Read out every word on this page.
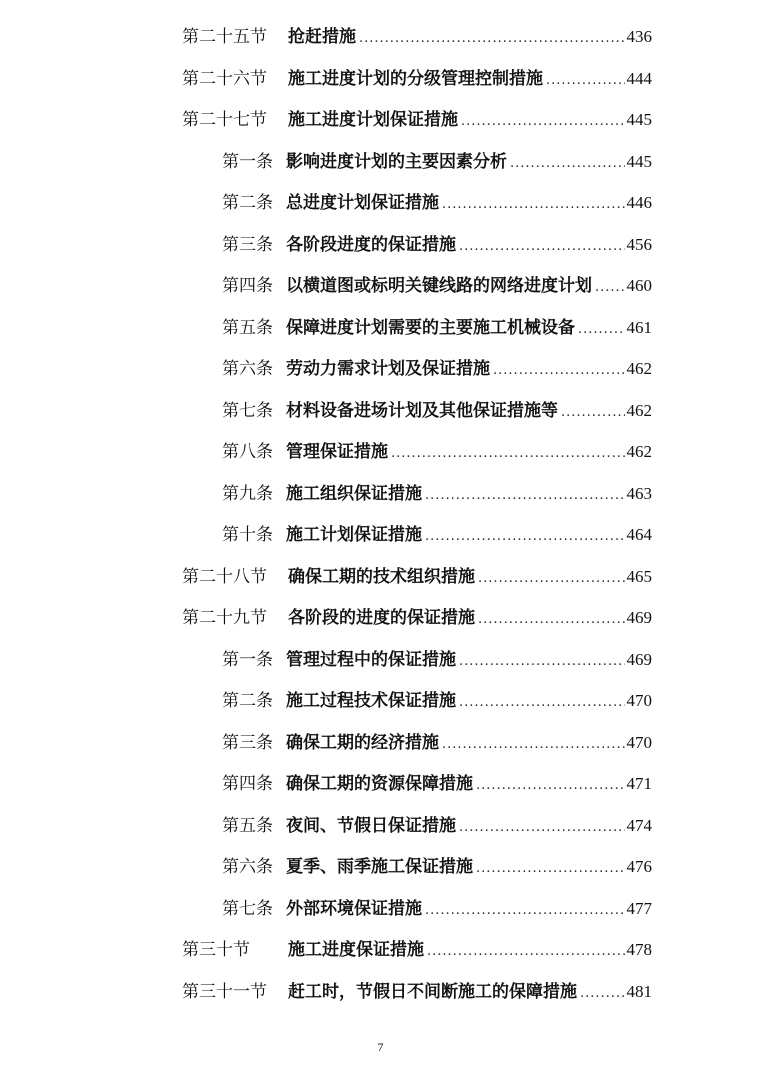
第二十五节	抢赶措施 .....	436
第二十六节	施工进度计划的分级管理控制措施 .....	444
第二十七节	施工进度计划保证措施 .....	445
第一条 影响进度计划的主要因素分析 .....	445
第二条 总进度计划保证措施 .....	446
第三条 各阶段进度的保证措施 .....	456
第四条 以横道图或标明关键线路的网络进度计划 ..... 460
第五条 保障进度计划需要的主要施工机械设备 .....	461
第六条 劳动力需求计划及保证措施 .....	462
第七条 材料设备进场计划及其他保证措施等 .....	462
第八条 管理保证措施 .....	462
第九条 施工组织保证措施 .....	463
第十条 施工计划保证措施 .....	464
第二十八节	确保工期的技术组织措施 .....	465
第二十九节	各阶段的进度的保证措施 .....	469
第一条 管理过程中的保证措施 .....	469
第二条 施工过程技术保证措施 .....	470
第三条 确保工期的经济措施 .....	470
第四条 确保工期的资源保障措施 .....	471
第五条 夜间、节假日保证措施 .....	474
第六条 夏季、雨季施工保证措施 .....	476
第七条 外部环境保证措施 .....	477
第三十节	施工进度保证措施 .....	478
第三十一节	赶工时，节假日不间断施工的保障措施 .....	481
7
